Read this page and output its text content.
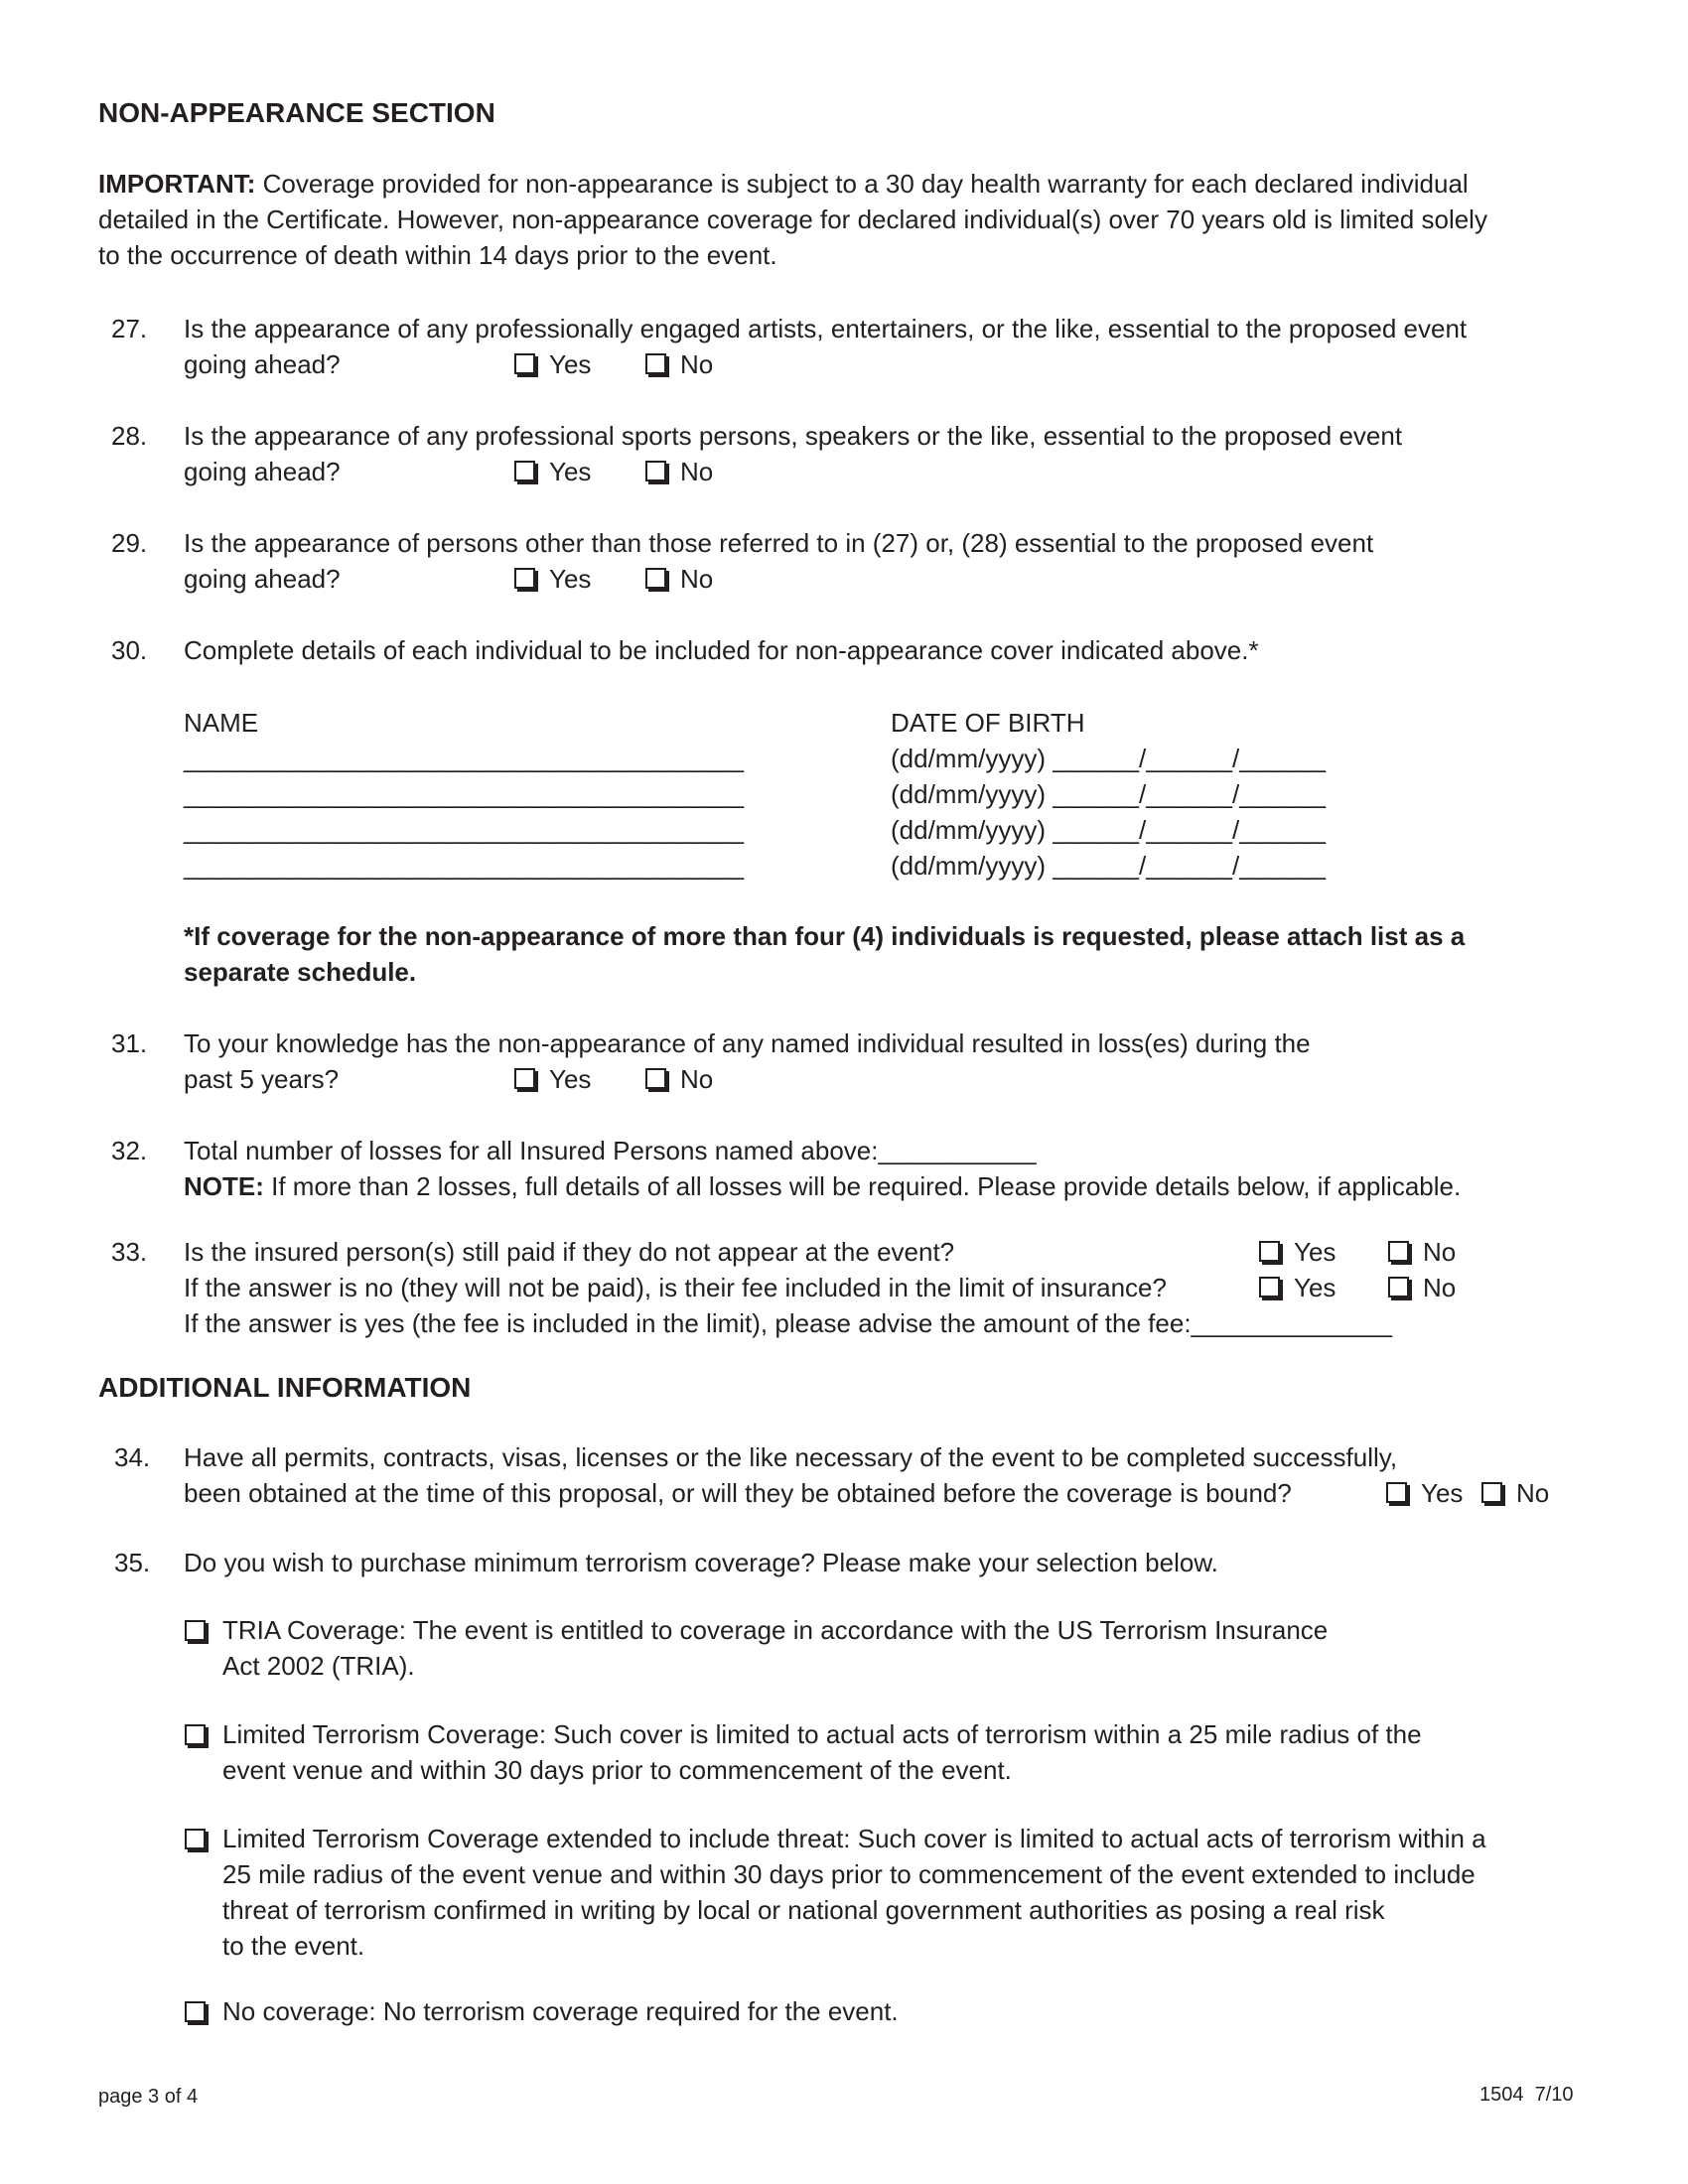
NON-APPEARANCE SECTION
IMPORTANT: Coverage provided for non-appearance is subject to a 30 day health warranty for each declared individual
detailed in the Certificate. However, non-appearance coverage for declared individual(s) over 70 years old is limited solely
to the occurrence of death within 14 days prior to the event.
27. Is the appearance of any professionally engaged artists, entertainers, or the like, essential to the proposed event
going ahead?	Yes	No
28. Is the appearance of any professional sports persons, speakers or the like, essential to the proposed event
going ahead?	Yes	No
29. Is the appearance of persons other than those referred to in (27) or, (28) essential to the proposed event
going ahead?	Yes	No
30. Complete details of each individual to be included for non-appearance cover indicated above.*
NAME	DATE OF BIRTH
_______________________________________	(dd/mm/yyyy) ______/______/______
_______________________________________	(dd/mm/yyyy) ______/______/______
_______________________________________	(dd/mm/yyyy) ______/______/______
_______________________________________	(dd/mm/yyyy) ______/______/______
*If coverage for the non-appearance of more than four (4) individuals is requested, please attach list as a
separate schedule.
31. To your knowledge has the non-appearance of any named individual resulted in loss(es) during the
past 5 years?	Yes	No
32. Total number of losses for all Insured Persons named above:___________
NOTE: If more than 2 losses, full details of all losses will be required. Please provide details below, if applicable.
33. Is the insured person(s) still paid if they do not appear at the event?	Yes	No
If the answer is no (they will not be paid), is their fee included in the limit of insurance?	Yes	No
If the answer is yes (the fee is included in the limit), please advise the amount of the fee:______________
ADDITIONAL INFORMATION
34. Have all permits, contracts, visas, licenses or the like necessary of the event to be completed successfully,
been obtained at the time of this proposal, or will they be obtained before the coverage is bound?	Yes	No
35. Do you wish to purchase minimum terrorism coverage? Please make your selection below.
TRIA Coverage: The event is entitled to coverage in accordance with the US Terrorism Insurance
Act 2002 (TRIA).
Limited Terrorism Coverage: Such cover is limited to actual acts of terrorism within a 25 mile radius of the
event venue and within 30 days prior to commencement of the event.
Limited Terrorism Coverage extended to include threat: Such cover is limited to actual acts of terrorism within a
25 mile radius of the event venue and within 30 days prior to commencement of the event extended to include
threat of terrorism confirmed in writing by local or national government authorities as posing a real risk
to the event.
No coverage: No terrorism coverage required for the event.
page 3 of 4	1504  7/10
